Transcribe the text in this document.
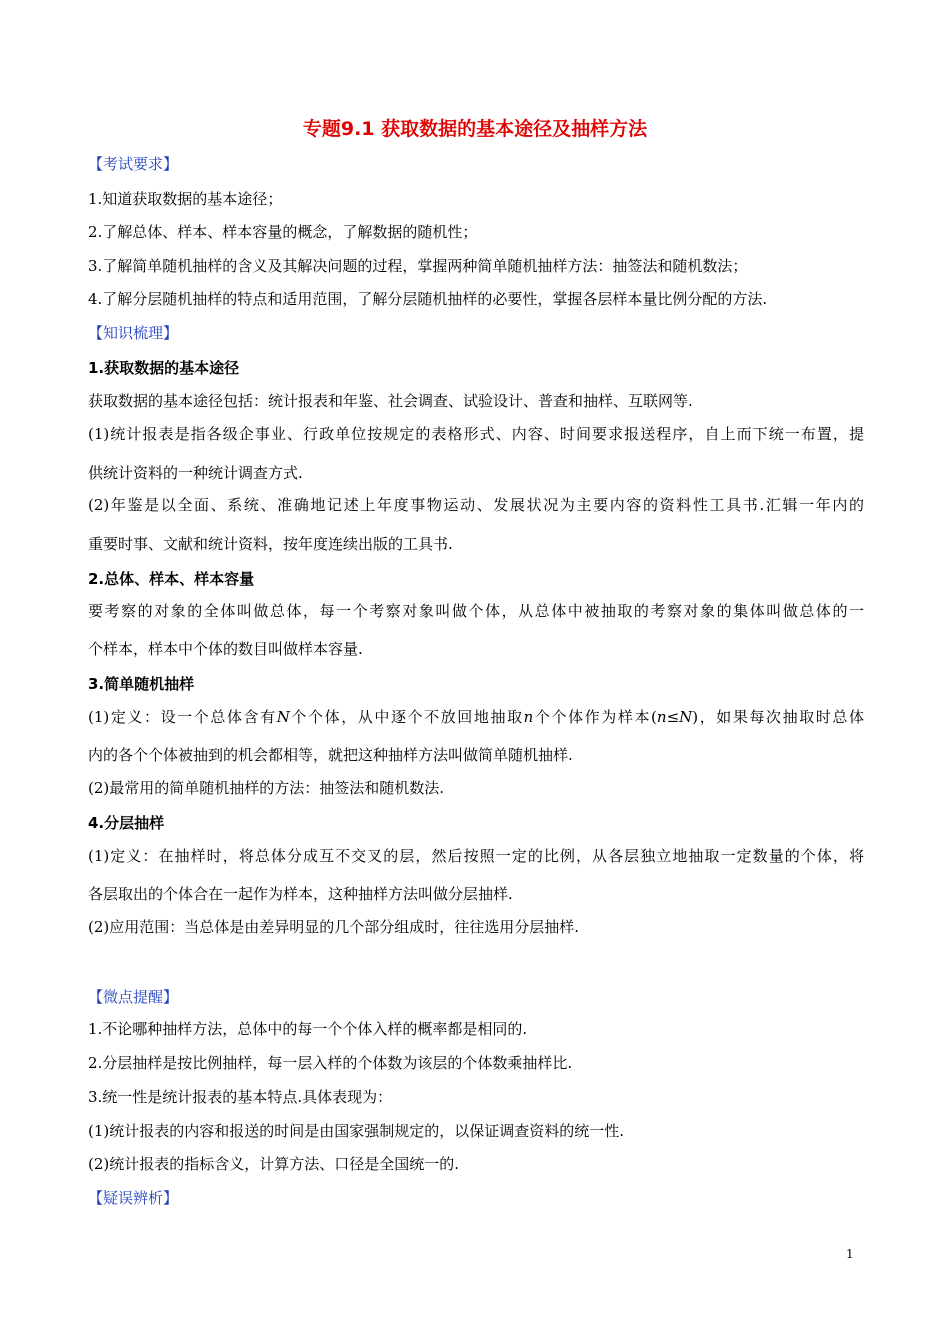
专题9.1 获取数据的基本途径及抽样方法
【考试要求】
1.知道获取数据的基本途径；
2.了解总体、样本、样本容量的概念，了解数据的随机性；
3.了解简单随机抽样的含义及其解决问题的过程，掌握两种简单随机抽样方法：抽签法和随机数法；
4.了解分层随机抽样的特点和适用范围，了解分层随机抽样的必要性，掌握各层样本量比例分配的方法.
【知识梳理】
1.获取数据的基本途径
获取数据的基本途径包括：统计报表和年鉴、社会调查、试验设计、普查和抽样、互联网等.
(1)统计报表是指各级企事业、行政单位按规定的表格形式、内容、时间要求报送程序，自上而下统一布置，提
供统计资料的一种统计调查方式.
(2)年鉴是以全面、系统、准确地记述上年度事物运动、发展状况为主要内容的资料性工具书.汇辑一年内的
重要时事、文献和统计资料，按年度连续出版的工具书.
2.总体、样本、样本容量
要考察的对象的全体叫做总体，每一个考察对象叫做个体，从总体中被抽取的考察对象的集体叫做总体的一
个样本，样本中个体的数目叫做样本容量.
3.简单随机抽样
(1)定义：设一个总体含有N个个体，从中逐个不放回地抽取n个个体作为样本(n≤N)，如果每次抽取时总体
内的各个个体被抽到的机会都相等，就把这种抽样方法叫做简单随机抽样.
(2)最常用的简单随机抽样的方法：抽签法和随机数法.
4.分层抽样
(1)定义：在抽样时，将总体分成互不交叉的层，然后按照一定的比例，从各层独立地抽取一定数量的个体，将
各层取出的个体合在一起作为样本，这种抽样方法叫做分层抽样.
(2)应用范围：当总体是由差异明显的几个部分组成时，往往选用分层抽样.
【微点提醒】
1.不论哪种抽样方法，总体中的每一个个体入样的概率都是相同的.
2.分层抽样是按比例抽样，每一层入样的个体数为该层的个体数乘抽样比.
3.统一性是统计报表的基本特点.具体表现为：
(1)统计报表的内容和报送的时间是由国家强制规定的，以保证调查资料的统一性.
(2)统计报表的指标含义，计算方法、口径是全国统一的.
【疑误辨析】
1
